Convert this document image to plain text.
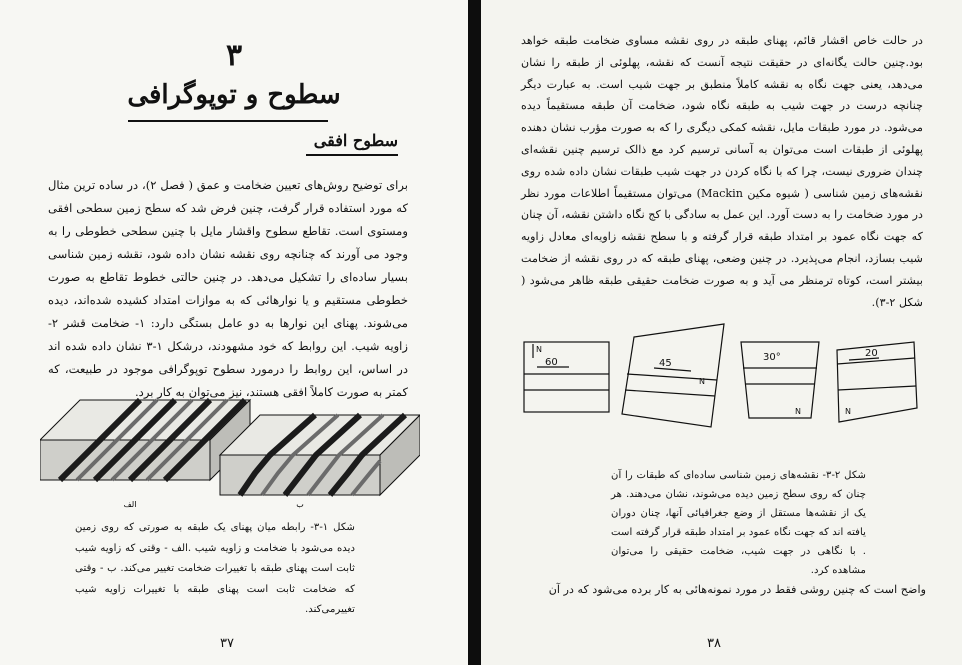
۳
سطوح و توپوگرافی
سطوح افقی

برای توضیح روش‌های تعیین ضخامت و عمق ( فصل ۲)، در ساده ترین مثال که مورد استفاده قرار گرفت، چنین فرض شد که سطح زمین سطحی افقی ومستوی است. تقاطع سطوح واقشار مایل با چنین سطحی خطوطی را به وجود می آورند که چنانچه روی نقشه نشان داده شود، نقشه زمین شناسی بسیار ساده‌ای را تشکیل می‌دهد. در چنین حالتی خطوط تقاطع به صورت خطوطی مستقیم و یا نوارهائی که به موازات امتداد کشیده شده‌اند، دیده می‌شوند. پهنای این نوارها به دو عامل بستگی دارد: ۱- ضخامت قشر ۲- زاویه شیب. این روابط که خود مشهودند، درشکل ۱-۳ نشان داده شده اند در اساس، این روابط را درمورد سطوح توپوگرافی موجود در طبیعت، که کمتر به صورت کاملاً افقی هستند، نیز می‌توان به کار برد.

الف	ب

شکل ۱-۳- رابطه میان پهنای یک طبقه به صورتی که روی زمین دیده می‌شود با ضخامت و زاویه شیب .الف - وقتی که زاویه شیب ثابت است پهنای طبقه با تغییرات ضخامت تغییر می‌کند. ب - وقتی که ضخامت ثابت است پهنای طبقه با تغییرات زاویه شیب تغییرمی‌کند.

۳۷

در حالت خاص اقشار قائم، پهنای طبقه در روی نقشه مساوی ضخامت طبقه خواهد بود.چنین حالت یگانه‌ای در حقیقت نتیجه آنست که نقشه، پهلوئی از طبقه را نشان می‌دهد، یعنی جهت نگاه به نقشه کاملاً منطبق بر جهت شیب است. به عبارت دیگر چنانچه درست در جهت شیب به طبقه نگاه شود، ضخامت آن طبقه مستقیماً دیده می‌شود. در مورد طبقات مایل، نقشه کمکی دیگری را که به صورت مؤرب نشان دهنده پهلوئی از طبقات است می‌توان به آسانی ترسیم کرد مع ذالک ترسیم چنین نقشه‌ای چندان ضروری نیست، چرا که با نگاه کردن در جهت شیب طبقات نشان داده شده روی نقشه‌های زمین شناسی ( شیوه مکین Mackin) می‌توان مستقیماً اطلاعات مورد نظر در مورد ضخامت را به دست آورد. این عمل به سادگی با کج نگاه داشتن نقشه، آن چنان که جهت نگاه عمود بر امتداد طبقه قرار گرفته و با سطح نقشه زاویه‌ای معادل زاویه شیب بسازد، انجام می‌پذیرد. در چنین وضعی، پهنای طبقه که در روی نقشه از ضخامت بیشتر است، کوتاه ترمنظر می آید و به صورت ضخامت حقیقی طبقه ظاهر می‌شود ( شکل ۲-۳).

60	45
30°	20
N
N
N	N

شکل ۲-۳- نقشه‌های زمین شناسی ساده‌ای که طبقات را آن چنان که روی سطح زمین دیده می‌شوند، نشان می‌دهند. هر یک از نقشه‌ها مستقل از وضع جغرافیائی آنها، چنان دوران یافته اند که جهت نگاه عمود بر امتداد طبقه قرار گرفته است . با نگاهی در جهت شیب، ضخامت حقیقی را می‌توان مشاهده کرد.

واضح است که چنین روشی فقط در مورد نمونه‌هائی به کار برده می‌شود که در آن

۳۸
